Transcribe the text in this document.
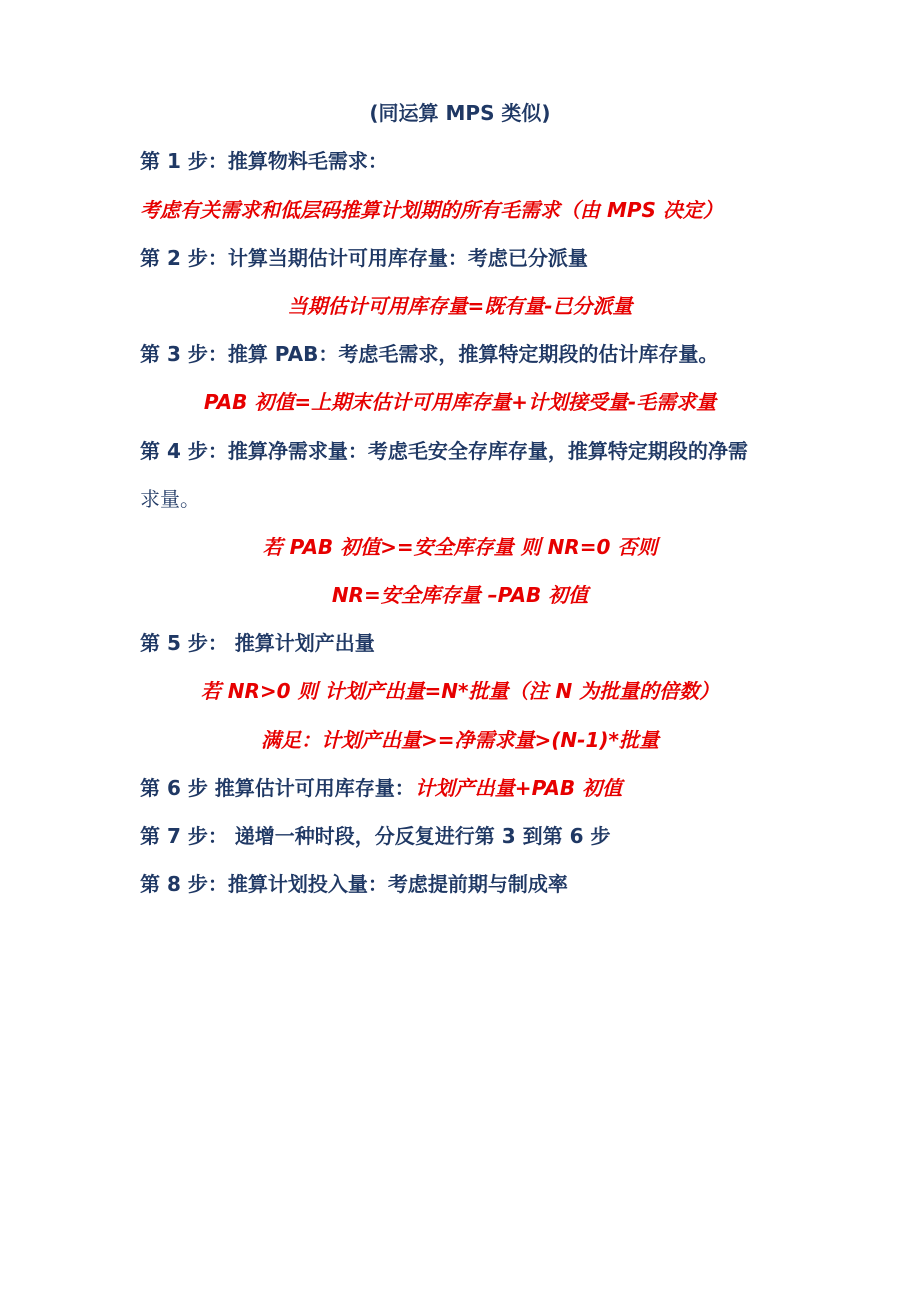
(同运算 MPS 类似)
第 1 步：推算物料毛需求：
考虑有关需求和低层码推算计划期的所有毛需求（由 MPS 决定）
第 2 步：计算当期估计可用库存量：考虑已分派量
当期估计可用库存量=既有量-已分派量
第 3 步：推算 PAB：考虑毛需求，推算特定期段的估计库存量。
PAB 初值=上期末估计可用库存量+计划接受量-毛需求量
第 4 步：推算净需求量：考虑毛安全存库存量，推算特定期段的净需
求量。
若 PAB 初值>=安全库存量 则 NR=0 否则
NR=安全库存量 –PAB 初值
第 5 步： 推算计划产出量
若 NR>0 则 计划产出量=N*批量（注 N 为批量的倍数）
满足：计划产出量>=净需求量>(N-1)*批量
第 6 步 推算估计可用库存量：计划产出量+PAB 初值
第 7 步： 递增一种时段，分反复进行第 3 到第 6 步
第 8 步：推算计划投入量：考虑提前期与制成率
